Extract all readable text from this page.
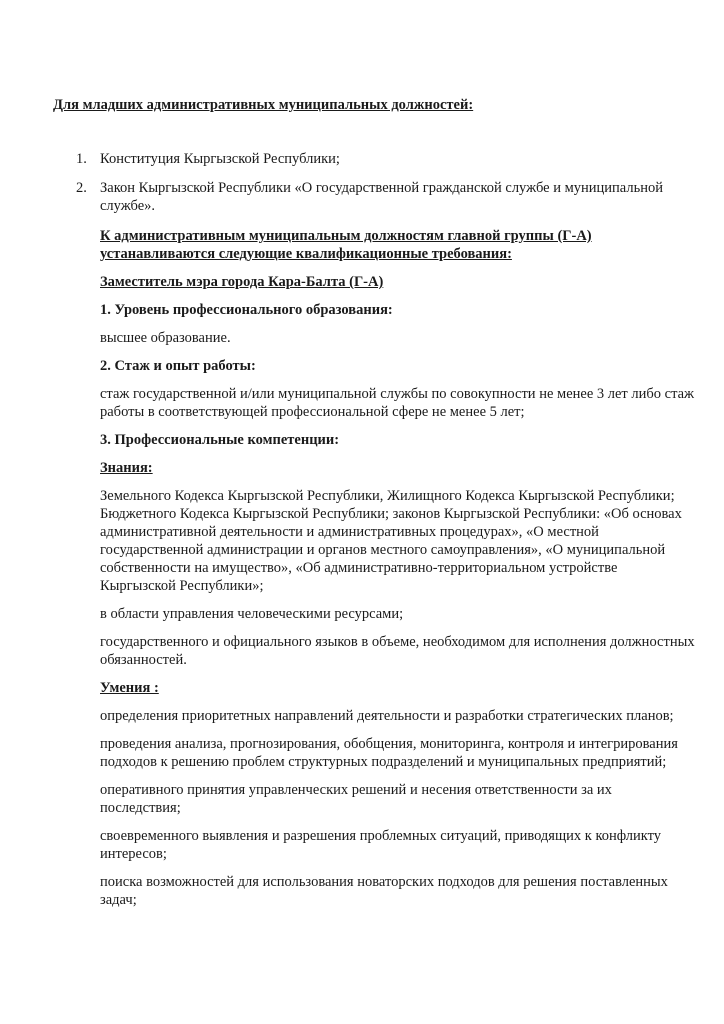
Для младших административных муниципальных должностей:
1. Конституция Кыргызской Республики;
2. Закон Кыргызской Республики «О государственной гражданской службе и муниципальной службе».

К административным муниципальным должностям главной группы (Г-А) устанавливаются следующие квалификационные требования:

Заместитель мэра города Кара-Балта (Г-А)

1. Уровень профессионального образования:

высшее образование.

2. Стаж и опыт работы:

стаж государственной и/или муниципальной службы по совокупности не менее 3 лет либо стаж работы в соответствующей профессиональной сфере не менее 5 лет;

3. Профессиональные компетенции:

Знания:

Земельного Кодекса Кыргызской Республики, Жилищного Кодекса Кыргызской Республики; Бюджетного Кодекса Кыргызской Республики; законов Кыргызской Республики: «Об основах административной деятельности и административных процедурах», «О местной государственной администрации и органов местного самоуправления», «О муниципальной собственности на имущество», «Об административно-территориальном устройстве Кыргызской Республики»;

в области управления человеческими ресурсами;

государственного и официального языков в объеме, необходимом для исполнения должностных обязанностей.

Умения :

определения приоритетных направлений деятельности и разработки стратегических планов;

проведения анализа, прогнозирования, обобщения, мониторинга, контроля и интегрирования подходов к решению проблем структурных подразделений и муниципальных предприятий;

оперативного принятия управленческих решений и несения ответственности за их последствия;

своевременного выявления и разрешения проблемных ситуаций, приводящих к конфликту интересов;

поиска возможностей для использования новаторских подходов для решения поставленных задач;
